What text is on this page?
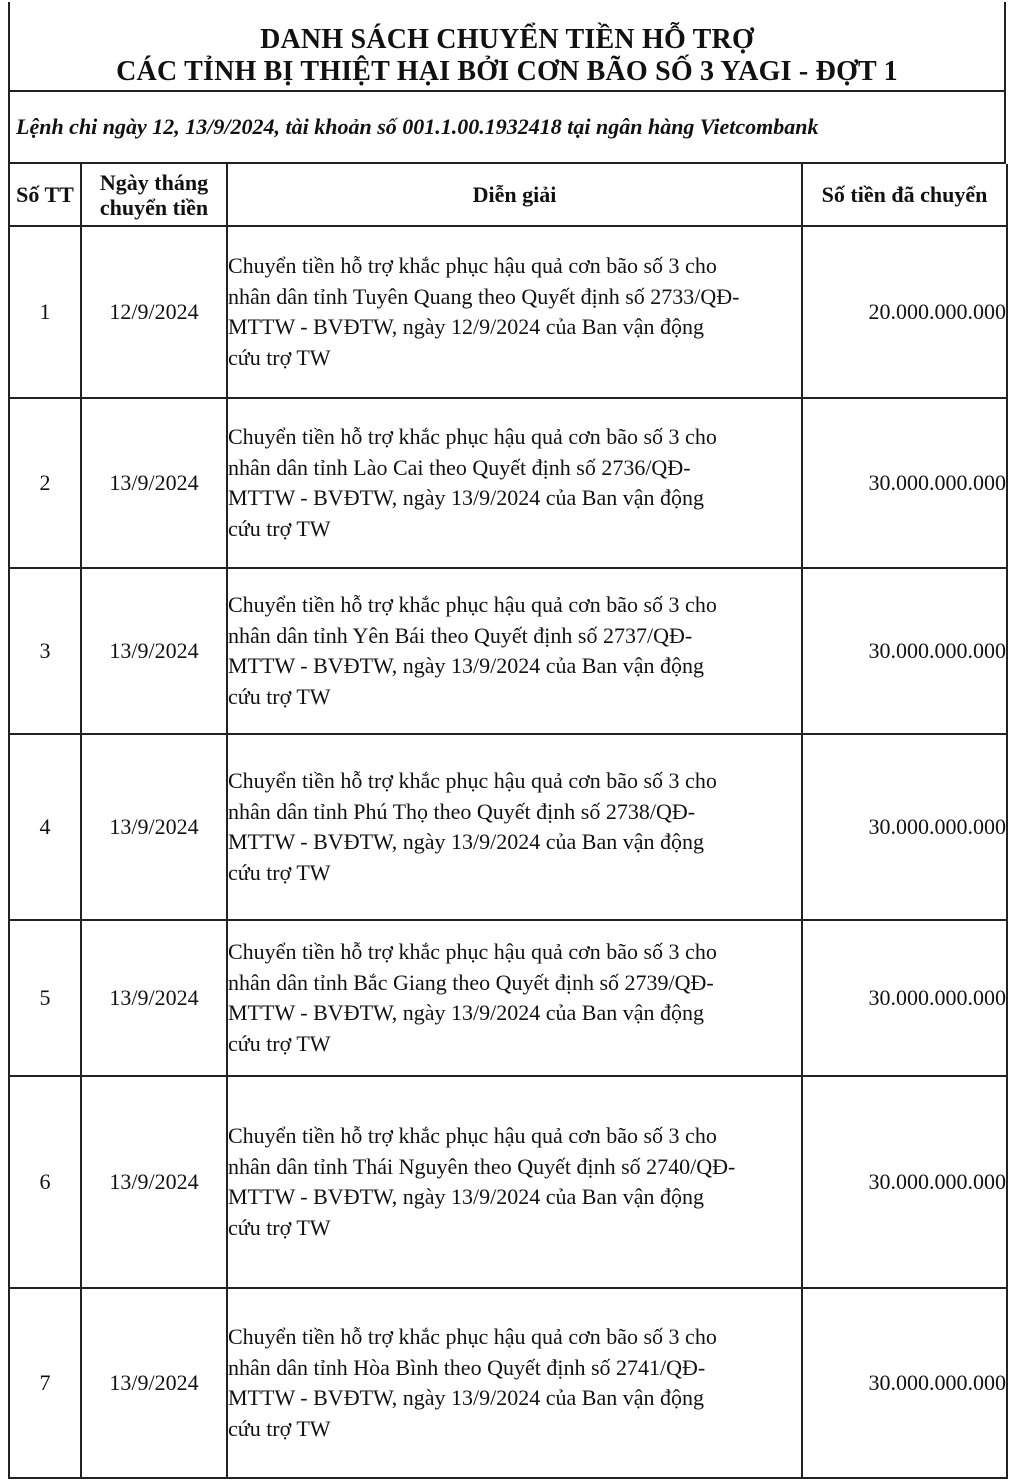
DANH SÁCH CHUYỂN TIỀN HỖ TRỢ
CÁC TỈNH BỊ THIỆT HẠI BỞI CƠN BÃO SỐ 3 YAGI - ĐỢT 1
Lệnh chi ngày 12, 13/9/2024, tài khoản số 001.1.00.1932418 tại ngân hàng Vietcombank
Số TT	Ngày tháng chuyển tiền	Diễn giải	Số tiền đã chuyển
1	12/9/2024	Chuyển tiền hỗ trợ khắc phục hậu quả cơn bão số 3 cho
nhân dân tỉnh Tuyên Quang theo Quyết định số 2733/QĐ-
MTTW - BVĐTW, ngày 12/9/2024 của Ban vận động
cứu trợ TW	20.000.000.000
2	13/9/2024	Chuyển tiền hỗ trợ khắc phục hậu quả cơn bão số 3 cho
nhân dân tỉnh Lào Cai theo Quyết định số 2736/QĐ-
MTTW - BVĐTW, ngày 13/9/2024 của Ban vận động
cứu trợ TW	30.000.000.000
3	13/9/2024	Chuyển tiền hỗ trợ khắc phục hậu quả cơn bão số 3 cho
nhân dân tỉnh Yên Bái theo Quyết định số 2737/QĐ-
MTTW - BVĐTW, ngày 13/9/2024 của Ban vận động
cứu trợ TW	30.000.000.000
4	13/9/2024	Chuyển tiền hỗ trợ khắc phục hậu quả cơn bão số 3 cho
nhân dân tỉnh Phú Thọ theo Quyết định số 2738/QĐ-
MTTW - BVĐTW, ngày 13/9/2024 của Ban vận động
cứu trợ TW	30.000.000.000
5	13/9/2024	Chuyển tiền hỗ trợ khắc phục hậu quả cơn bão số 3 cho
nhân dân tỉnh Bắc Giang theo Quyết định số 2739/QĐ-
MTTW - BVĐTW, ngày 13/9/2024 của Ban vận động
cứu trợ TW	30.000.000.000
6	13/9/2024	Chuyển tiền hỗ trợ khắc phục hậu quả cơn bão số 3 cho
nhân dân tỉnh Thái Nguyên theo Quyết định số 2740/QĐ-
MTTW - BVĐTW, ngày 13/9/2024 của Ban vận động
cứu trợ TW	30.000.000.000
7	13/9/2024	Chuyển tiền hỗ trợ khắc phục hậu quả cơn bão số 3 cho
nhân dân tỉnh Hòa Bình theo Quyết định số 2741/QĐ-
MTTW - BVĐTW, ngày 13/9/2024 của Ban vận động
cứu trợ TW	30.000.000.000
